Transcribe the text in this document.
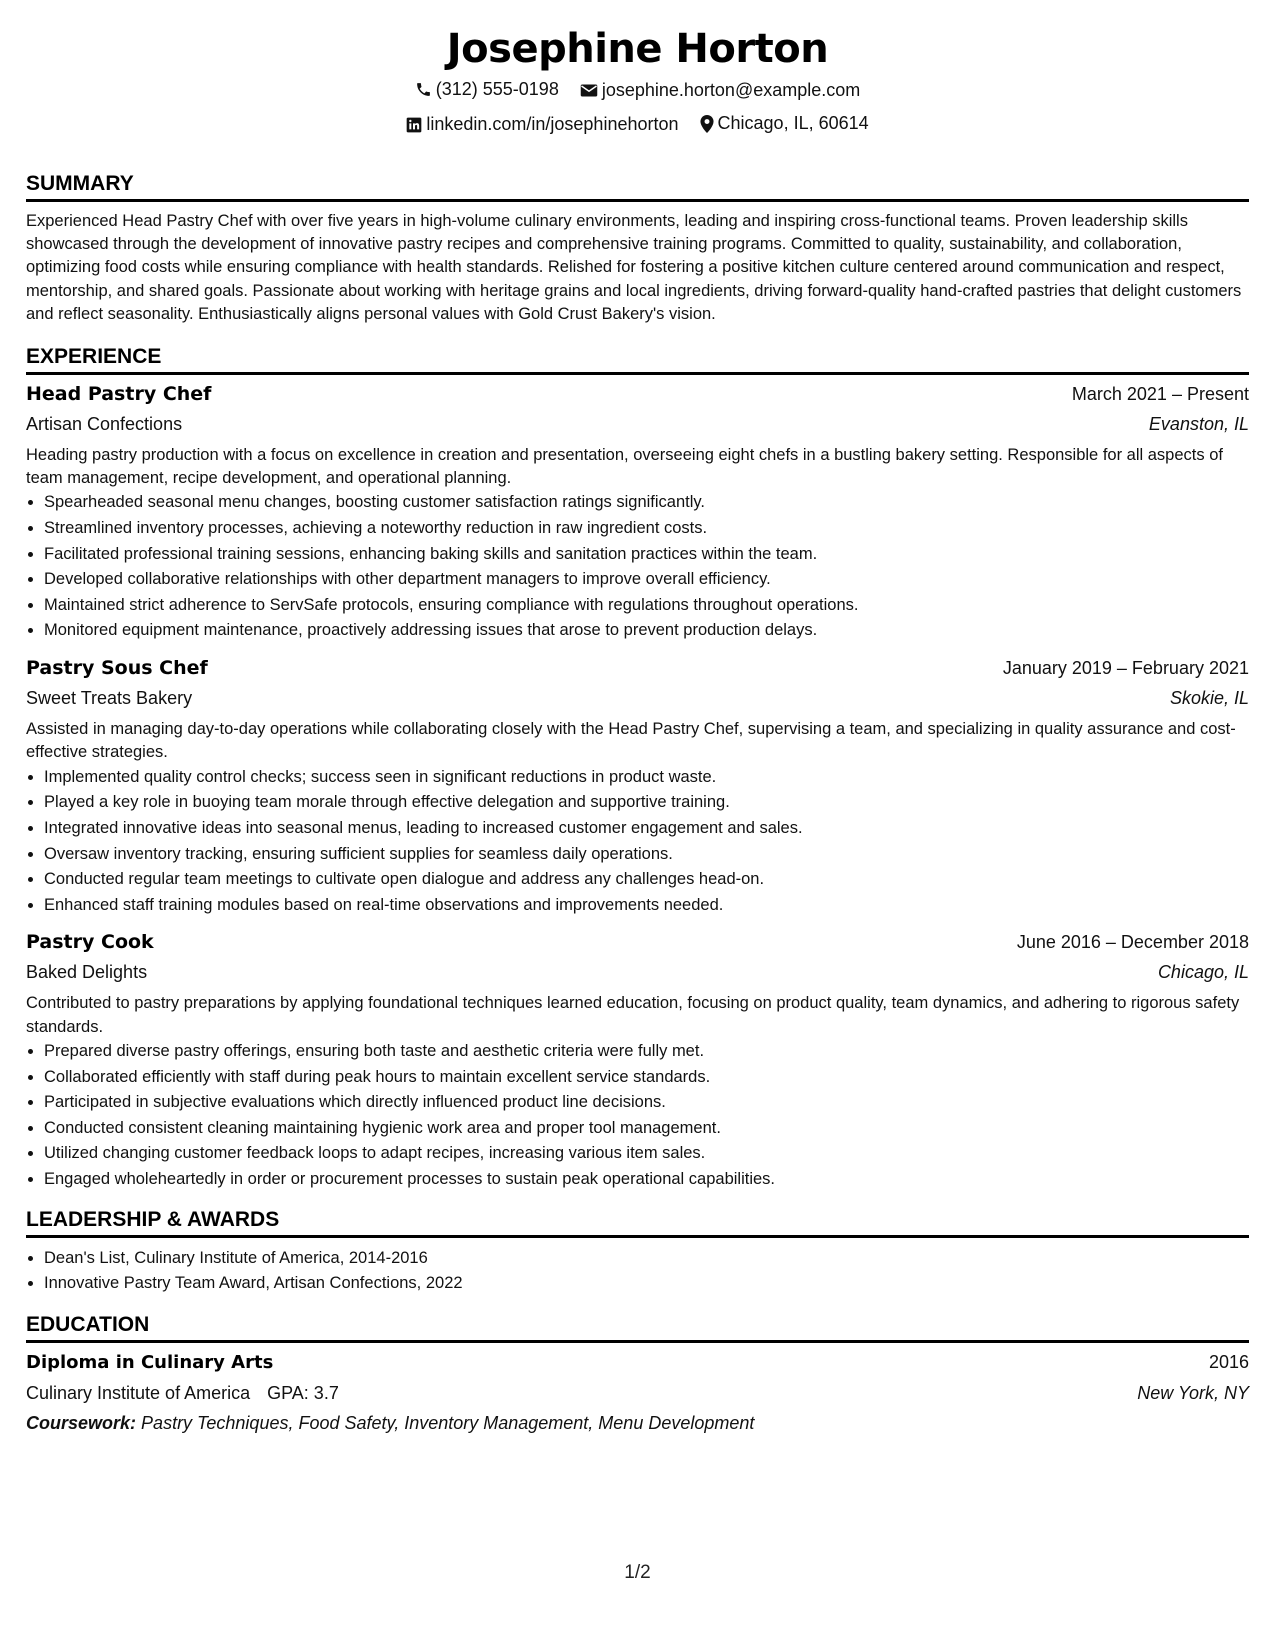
Josephine Horton
(312) 555-0198
josephine.horton@example.com
linkedin.com/in/josephinehorton
Chicago, IL, 60614
SUMMARY
Experienced Head Pastry Chef with over five years in high-volume culinary environments, leading and inspiring cross-functional teams. Proven leadership skills showcased through the development of innovative pastry recipes and comprehensive training programs. Committed to quality, sustainability, and collaboration, optimizing food costs while ensuring compliance with health standards. Relished for fostering a positive kitchen culture centered around communication and respect, mentorship, and shared goals. Passionate about working with heritage grains and local ingredients, driving forward-quality hand-crafted pastries that delight customers and reflect seasonality. Enthusiastically aligns personal values with Gold Crust Bakery's vision.
EXPERIENCE
Head Pastry Chef	March 2021 – Present
Artisan Confections	Evanston, IL
Heading pastry production with a focus on excellence in creation and presentation, overseeing eight chefs in a bustling bakery setting. Responsible for all aspects of team management, recipe development, and operational planning.
• Spearheaded seasonal menu changes, boosting customer satisfaction ratings significantly.
• Streamlined inventory processes, achieving a noteworthy reduction in raw ingredient costs.
• Facilitated professional training sessions, enhancing baking skills and sanitation practices within the team.
• Developed collaborative relationships with other department managers to improve overall efficiency.
• Maintained strict adherence to ServSafe protocols, ensuring compliance with regulations throughout operations.
• Monitored equipment maintenance, proactively addressing issues that arose to prevent production delays.
Pastry Sous Chef	January 2019 – February 2021
Sweet Treats Bakery	Skokie, IL
Assisted in managing day-to-day operations while collaborating closely with the Head Pastry Chef, supervising a team, and specializing in quality assurance and cost-effective strategies.
• Implemented quality control checks; success seen in significant reductions in product waste.
• Played a key role in buoying team morale through effective delegation and supportive training.
• Integrated innovative ideas into seasonal menus, leading to increased customer engagement and sales.
• Oversaw inventory tracking, ensuring sufficient supplies for seamless daily operations.
• Conducted regular team meetings to cultivate open dialogue and address any challenges head-on.
• Enhanced staff training modules based on real-time observations and improvements needed.
Pastry Cook	June 2016 – December 2018
Baked Delights	Chicago, IL
Contributed to pastry preparations by applying foundational techniques learned education, focusing on product quality, team dynamics, and adhering to rigorous safety standards.
• Prepared diverse pastry offerings, ensuring both taste and aesthetic criteria were fully met.
• Collaborated efficiently with staff during peak hours to maintain excellent service standards.
• Participated in subjective evaluations which directly influenced product line decisions.
• Conducted consistent cleaning maintaining hygienic work area and proper tool management.
• Utilized changing customer feedback loops to adapt recipes, increasing various item sales.
• Engaged wholeheartedly in order or procurement processes to sustain peak operational capabilities.
LEADERSHIP & AWARDS
• Dean's List, Culinary Institute of America, 2014-2016
• Innovative Pastry Team Award, Artisan Confections, 2022
EDUCATION
Diploma in Culinary Arts	2016
Culinary Institute of America GPA: 3.7	New York, NY
Coursework: Pastry Techniques, Food Safety, Inventory Management, Menu Development
1/2
